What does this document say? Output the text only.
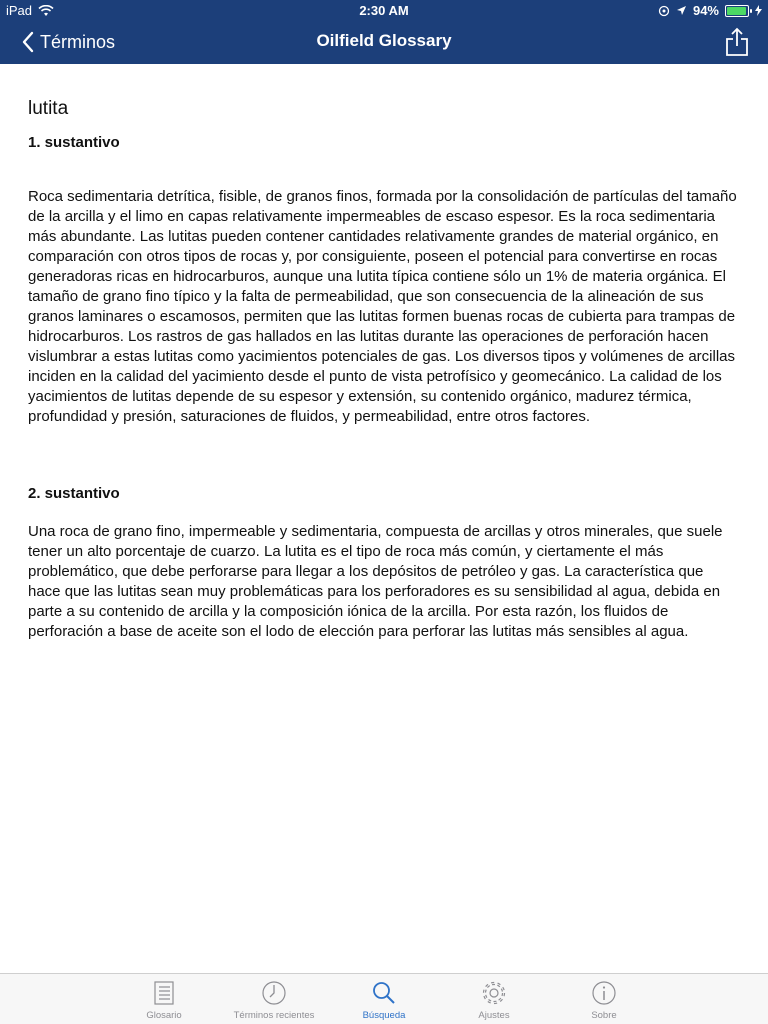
iPad	2:30 AM	94%
Términos	Oilfield Glossary
lutita
1. sustantivo

Roca sedimentaria detrítica, fisible, de granos finos, formada por la consolidación de partículas del tamaño de la arcilla y el limo en capas relativamente impermeables de escaso espesor. Es la roca sedimentaria más abundante. Las lutitas pueden contener cantidades relativamente grandes de material orgánico, en comparación con otros tipos de rocas y, por consiguiente, poseen el potencial para convertirse en rocas generadoras ricas en hidrocarburos, aunque una lutita típica contiene sólo un 1% de materia orgánica. El tamaño de grano fino típico y la falta de permeabilidad, que son consecuencia de la alineación de sus granos laminares o escamosos, permiten que las lutitas formen buenas rocas de cubierta para trampas de hidrocarburos. Los rastros de gas hallados en las lutitas durante las operaciones de perforación hacen vislumbrar a estas lutitas como yacimientos potenciales de gas. Los diversos tipos y volúmenes de arcillas inciden en la calidad del yacimiento desde el punto de vista petrofísico y geomecánico. La calidad de los yacimientos de lutitas depende de su espesor y extensión, su contenido orgánico, madurez térmica, profundidad y presión, saturaciones de fluidos, y permeabilidad, entre otros factores.

2. sustantivo

Una roca de grano fino, impermeable y sedimentaria, compuesta de arcillas y otros minerales, que suele tener un alto porcentaje de cuarzo. La lutita es el tipo de roca más común, y ciertamente el más problemático, que debe perforarse para llegar a los depósitos de petróleo y gas. La característica que hace que las lutitas sean muy problemáticas para los perforadores es su sensibilidad al agua, debida en parte a su contenido de arcilla y la composición iónica de la arcilla. Por esta razón, los fluidos de perforación a base de aceite son el lodo de elección para perforar las lutitas más sensibles al agua.

Glosario	Términos recientes	Búsqueda	Ajustes	Sobre
